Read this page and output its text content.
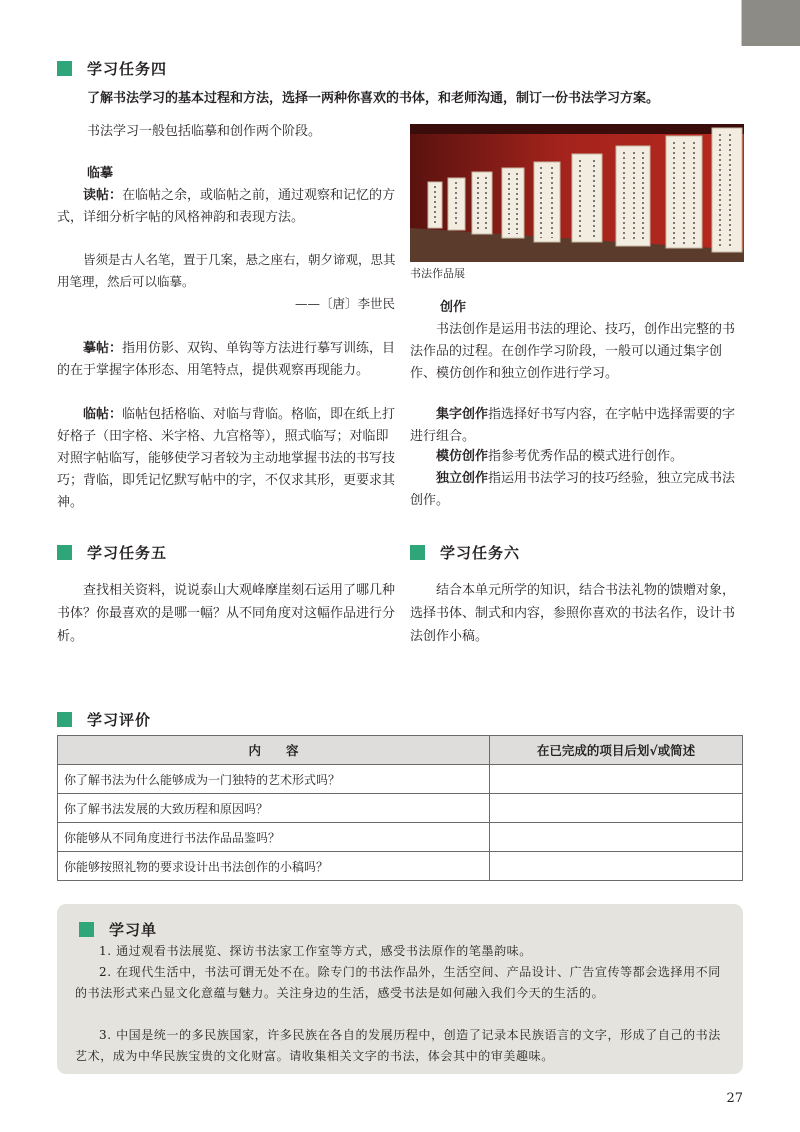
学习任务四

了解书法学习的基本过程和方法，选择一两种你喜欢的书体，和老师沟通，制订一份书法学习方案。

书法学习一般包括临摹和创作两个阶段。

临摹

读帖：在临帖之余，或临帖之前，通过观察和记忆的方式，详细分析字帖的风格神韵和表现方法。

皆须是古人名笔，置于几案，悬之座右，朝夕谛观，思其用笔理，然后可以临摹。

——〔唐〕李世民

摹帖：指用仿影、双钩、单钩等方法进行摹写训练，目的在于掌握字体形态、用笔特点，提供观察再现能力。

临帖：临帖包括格临、对临与背临。格临，即在纸上打好格子（田字格、米字格、九宫格等），照式临写；对临即对照字帖临写，能够使学习者较为主动地掌握书法的书写技巧；背临，即凭记忆默写帖中的字，不仅求其形，更要求其神。

书法作品展

创作

书法创作是运用书法的理论、技巧，创作出完整的书法作品的过程。在创作学习阶段，一般可以通过集字创作、模仿创作和独立创作进行学习。

集字创作指选择好书写内容，在字帖中选择需要的字进行组合。

模仿创作指参考优秀作品的模式进行创作。

独立创作指运用书法学习的技巧经验，独立完成书法创作。

学习任务五

查找相关资料，说说泰山大观峰摩崖刻石运用了哪几种书体？你最喜欢的是哪一幅？从不同角度对这幅作品进行分析。

学习任务六

结合本单元所学的知识，结合书法礼物的馈赠对象，选择书体、制式和内容，参照你喜欢的书法名作，设计书法创作小稿。

学习评价
内　　容	在已完成的项目后划√或简述
你了解书法为什么能够成为一门独特的艺术形式吗？	
你了解书法发展的大致历程和原因吗？	
你能够从不同角度进行书法作品品鉴吗？	
你能够按照礼物的要求设计出书法创作的小稿吗？	
学习单

1. 通过观看书法展览、探访书法家工作室等方式，感受书法原作的笔墨韵味。

2. 在现代生活中，书法可谓无处不在。除专门的书法作品外，生活空间、产品设计、广告宣传等都会选择用不同的书法形式来凸显文化意蕴与魅力。关注身边的生活，感受书法是如何融入我们今天的生活的。

3. 中国是统一的多民族国家，许多民族在各自的发展历程中，创造了记录本民族语言的文字，形成了自己的书法艺术，成为中华民族宝贵的文化财富。请收集相关文字的书法，体会其中的审美趣味。

27
